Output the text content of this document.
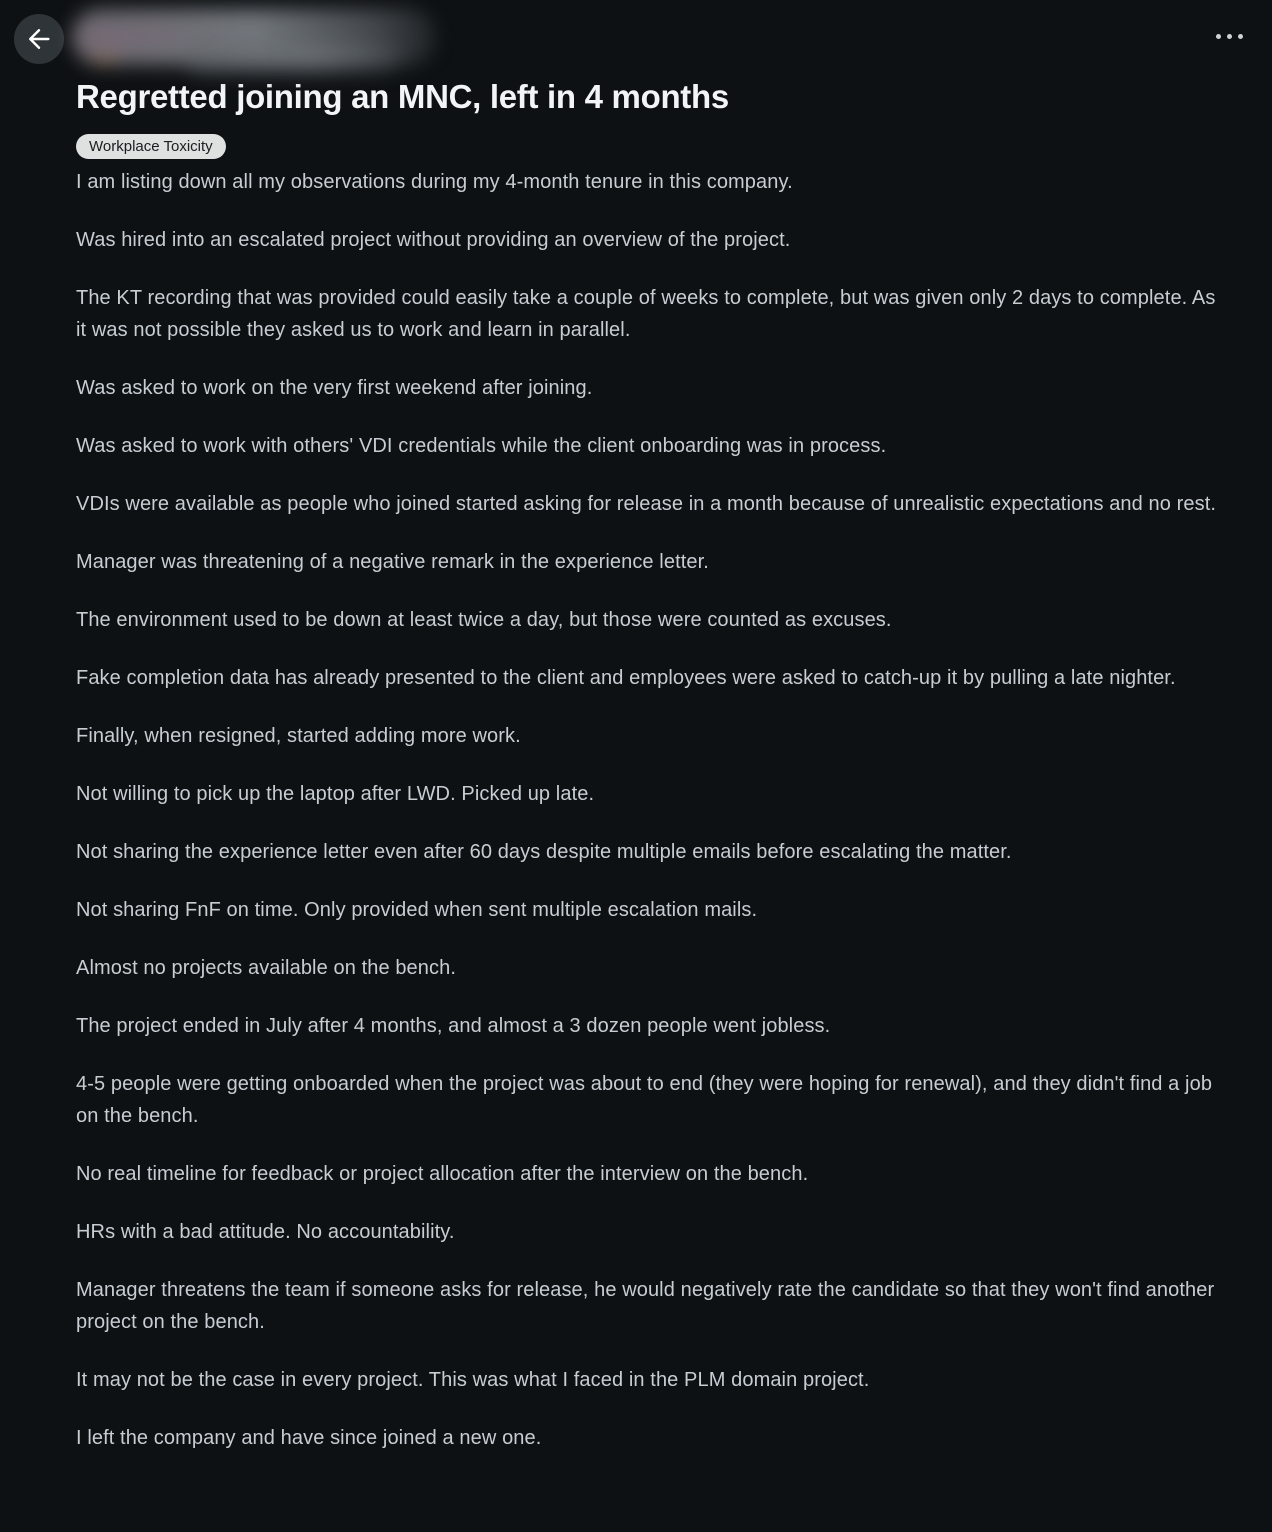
Regretted joining an MNC, left in 4 months
Workplace Toxicity

I am listing down all my observations during my 4-month tenure in this company.

Was hired into an escalated project without providing an overview of the project.

The KT recording that was provided could easily take a couple of weeks to complete, but was given only 2 days to complete. As it was not possible they asked us to work and learn in parallel.

Was asked to work on the very first weekend after joining.

Was asked to work with others' VDI credentials while the client onboarding was in process.

VDIs were available as people who joined started asking for release in a month because of unrealistic expectations and no rest.

Manager was threatening of a negative remark in the experience letter.

The environment used to be down at least twice a day, but those were counted as excuses.

Fake completion data has already presented to the client and employees were asked to catch-up it by pulling a late nighter.

Finally, when resigned, started adding more work.

Not willing to pick up the laptop after LWD. Picked up late.

Not sharing the experience letter even after 60 days despite multiple emails before escalating the matter.

Not sharing FnF on time. Only provided when sent multiple escalation mails.

Almost no projects available on the bench.

The project ended in July after 4 months, and almost a 3 dozen people went jobless.

4-5 people were getting onboarded when the project was about to end (they were hoping for renewal), and they didn't find a job on the bench.

No real timeline for feedback or project allocation after the interview on the bench.

HRs with a bad attitude. No accountability.

Manager threatens the team if someone asks for release, he would negatively rate the candidate so that they won't find another project on the bench.

It may not be the case in every project. This was what I faced in the PLM domain project.

I left the company and have since joined a new one.
